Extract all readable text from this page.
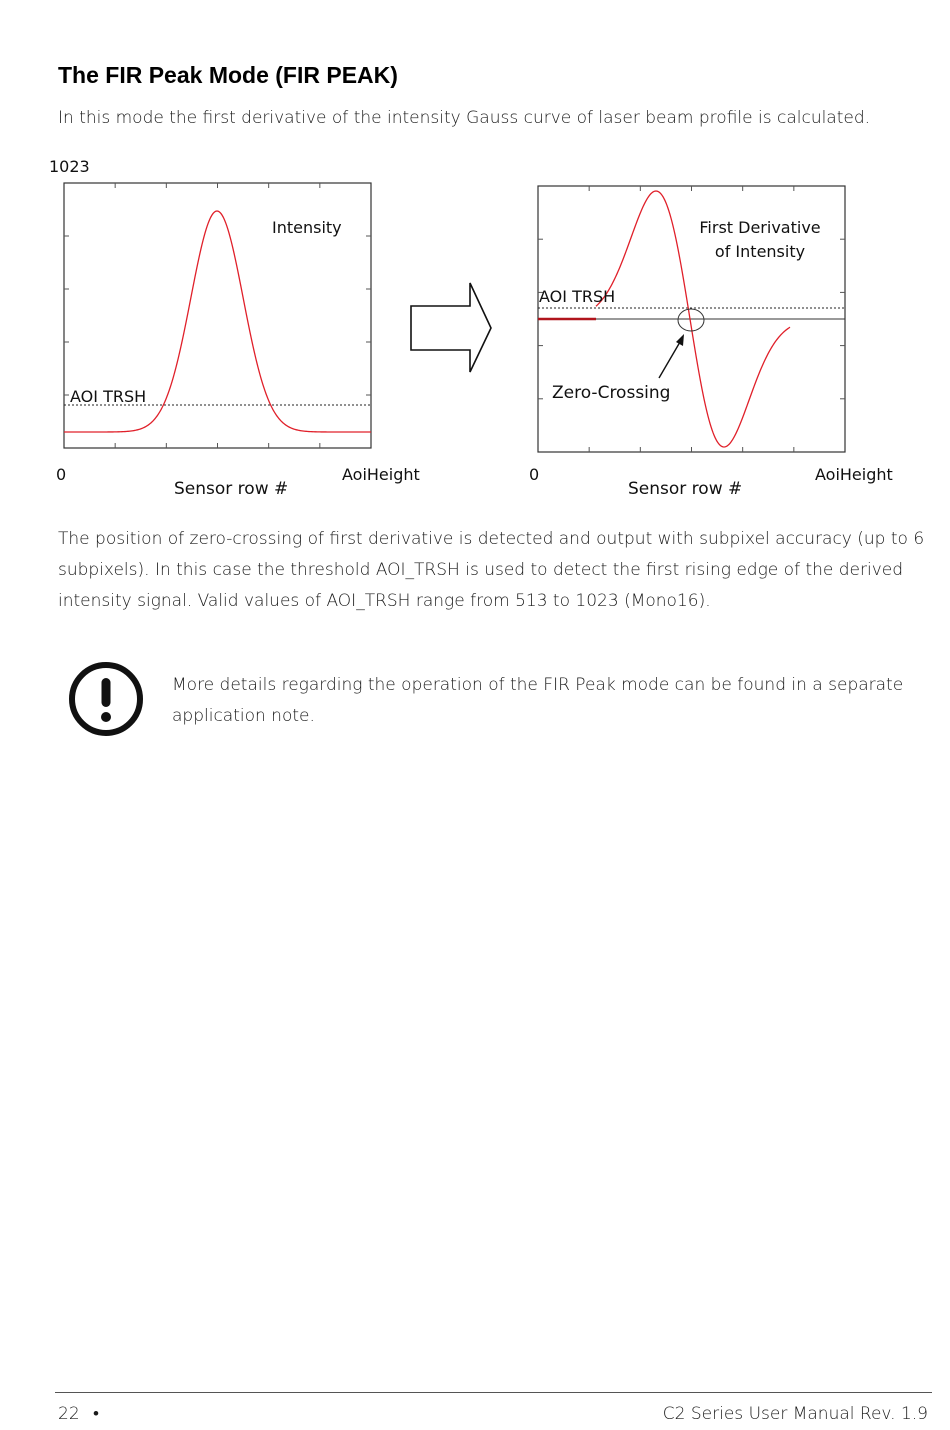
The FIR Peak Mode (FIR PEAK)
In this mode the first derivative of the intensity Gauss curve of laser beam profile is calculated.
1023
Intensity
AOI TRSH
0	AoiHeight
Sensor row #
First Derivative
of Intensity
AOI TRSH
Zero-Crossing
0	AoiHeight
Sensor row #
The position of zero-crossing of first derivative is detected and output with subpixel accuracy (up to 6 subpixels). In this case the threshold AOI_TRSH is used to detect the first rising edge of the derived intensity signal. Valid values of AOI_TRSH range from 513 to 1023 (Mono16).
More details regarding the operation of the FIR Peak mode can be found in a separate application note.
22 •	C2 Series User Manual Rev. 1.9
